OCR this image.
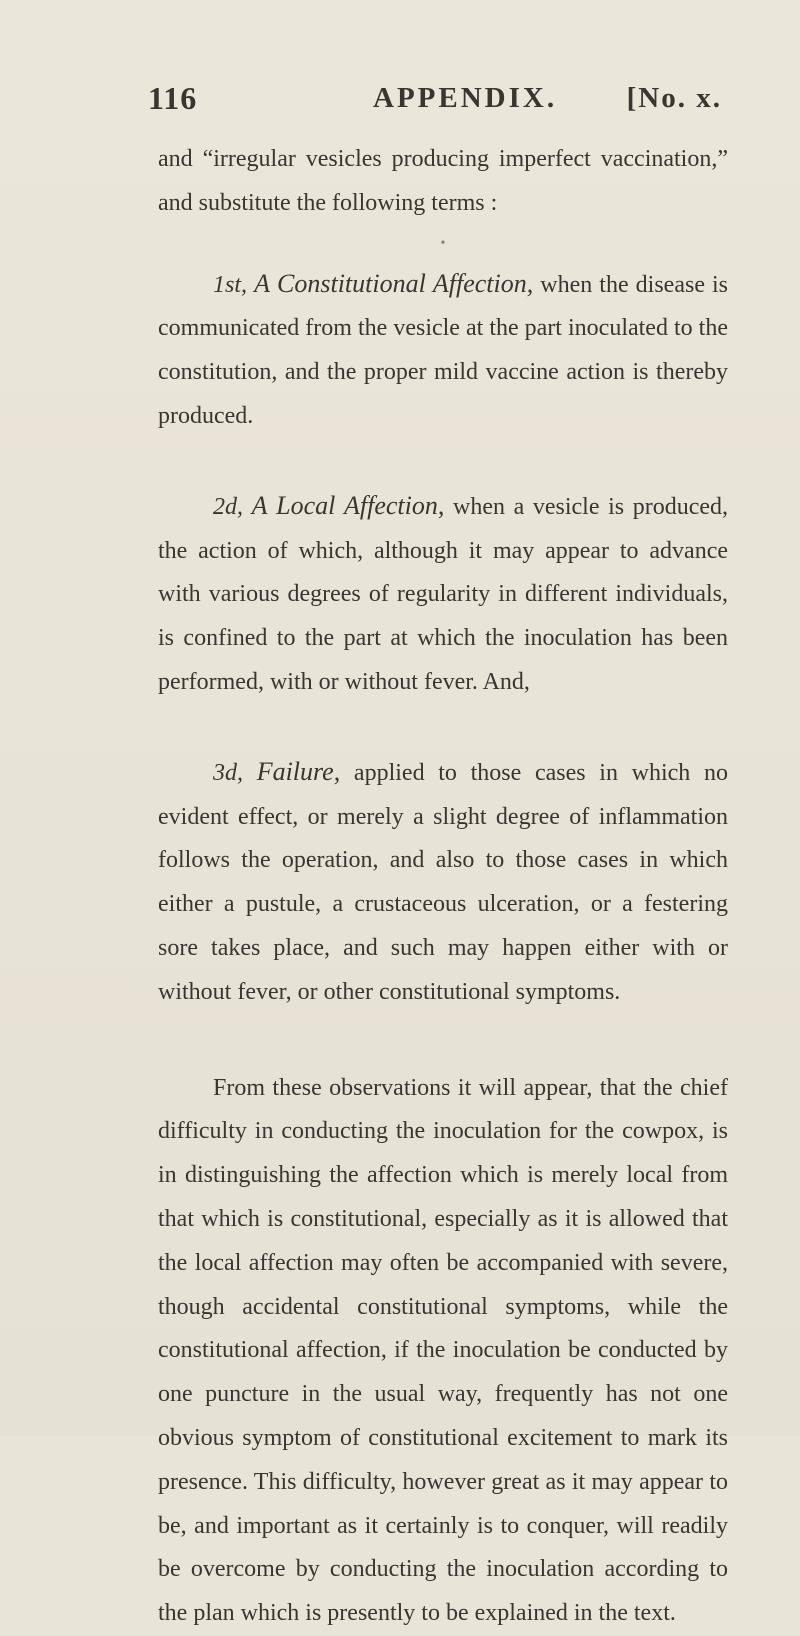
116	APPENDIX. [No. x.

and “irregular vesicles producing imperfect vaccination,” and substitute the following terms :

•

1st, A Constitutional Affection, when the disease is communicated from the vesicle at the part inoculated to the constitution, and the proper mild vaccine action is thereby produced.

2d, A Local Affection, when a vesicle is produced, the action of which, although it may appear to advance with various degrees of regularity in different individuals, is confined to the part at which the inoculation has been performed, with or without fever. And,

3d, Failure, applied to those cases in which no evident effect, or merely a slight degree of inflammation follows the operation, and also to those cases in which either a pustule, a crustaceous ulceration, or a festering sore takes place, and such may happen either with or without fever, or other constitutional symptoms.

From these observations it will appear, that the chief difficulty in conducting the inoculation for the cowpox, is in distinguishing the affection which is merely local from that which is constitutional, especially as it is allowed that the local affection may often be accompanied with severe, though accidental constitutional symptoms, while the constitutional affection, if the inoculation be conducted by one puncture in the usual way, frequently has not one obvious symptom of constitutional excitement to mark its presence. This difficulty, however great as it may appear to be, and important as it certainly is to conquer, will readily be overcome by conducting the inoculation according to the plan which is presently to be explained in the text.
